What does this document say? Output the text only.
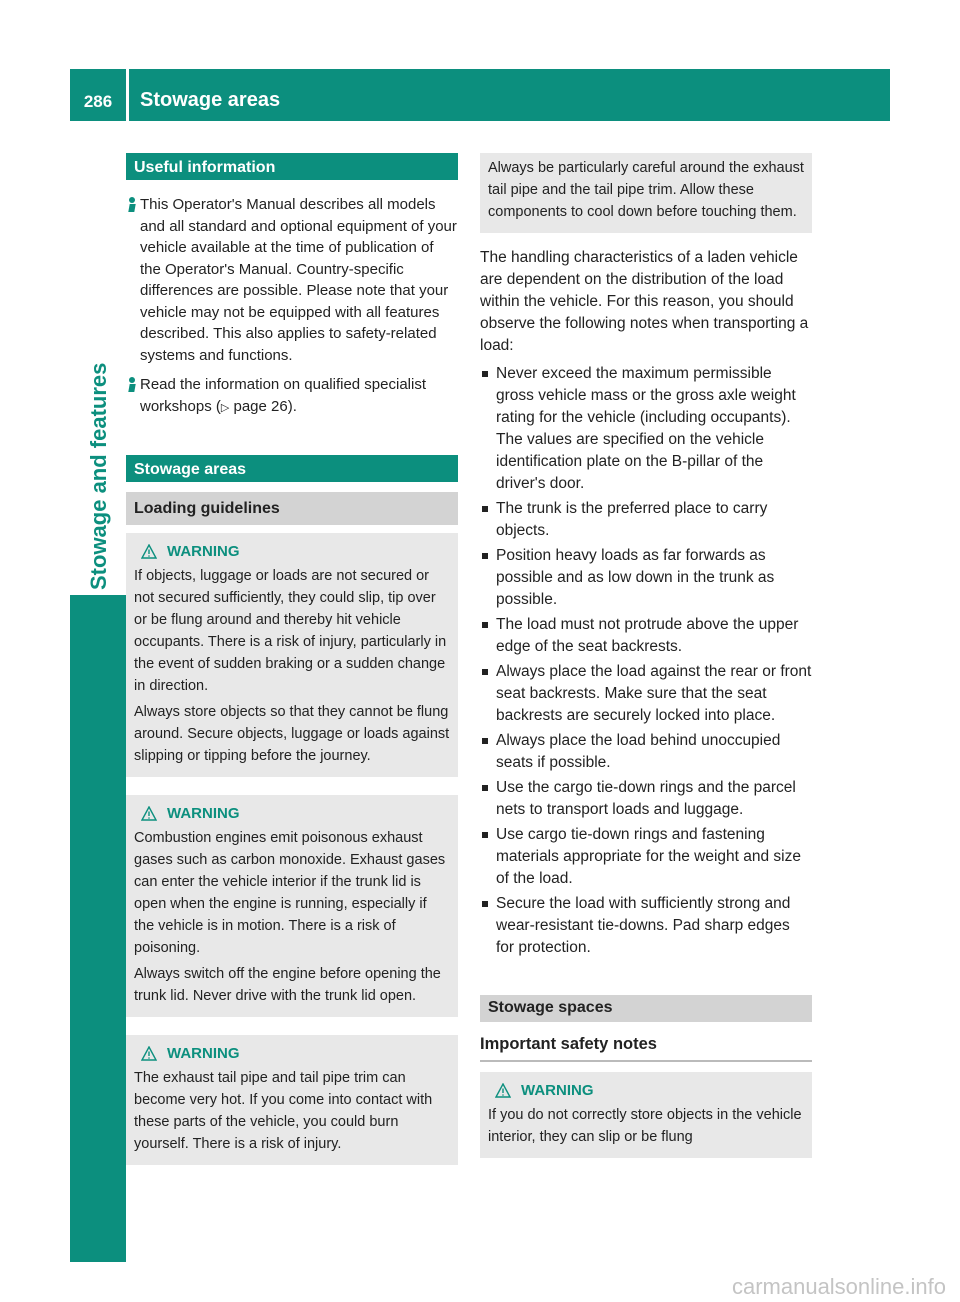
286	Stowage areas
Stowage and features
Useful information

This Operator's Manual describes all models and all standard and optional equipment of your vehicle available at the time of publication of the Operator's Manual. Country-specific differences are possible. Please note that your vehicle may not be equipped with all features described. This also applies to safety-related systems and functions.

Read the information on qualified specialist workshops (▷ page 26).

Stowage areas
Loading guidelines
WARNING

If objects, luggage or loads are not secured or not secured sufficiently, they could slip, tip over or be flung around and thereby hit vehicle occupants. There is a risk of injury, particularly in the event of sudden braking or a sudden change in direction.

Always store objects so that they cannot be flung around. Secure objects, luggage or loads against slipping or tipping before the journey.

WARNING

Combustion engines emit poisonous exhaust gases such as carbon monoxide. Exhaust gases can enter the vehicle interior if the trunk lid is open when the engine is running, especially if the vehicle is in motion. There is a risk of poisoning.

Always switch off the engine before opening the trunk lid. Never drive with the trunk lid open.

WARNING

The exhaust tail pipe and tail pipe trim can become very hot. If you come into contact with these parts of the vehicle, you could burn yourself. There is a risk of injury.

Always be particularly careful around the exhaust tail pipe and the tail pipe trim. Allow these components to cool down before touching them.

The handling characteristics of a laden vehicle are dependent on the distribution of the load within the vehicle. For this reason, you should observe the following notes when transporting a load:

Never exceed the maximum permissible gross vehicle mass or the gross axle weight rating for the vehicle (including occupants). The values are specified on the vehicle identification plate on the B-pillar of the driver's door.
The trunk is the preferred place to carry objects.
Position heavy loads as far forwards as possible and as low down in the trunk as possible.
The load must not protrude above the upper edge of the seat backrests.
Always place the load against the rear or front seat backrests. Make sure that the seat backrests are securely locked into place.
Always place the load behind unoccupied seats if possible.
Use the cargo tie-down rings and the parcel nets to transport loads and luggage.
Use cargo tie-down rings and fastening materials appropriate for the weight and size of the load.
Secure the load with sufficiently strong and wear-resistant tie-downs. Pad sharp edges for protection.
Stowage spaces
Important safety notes
WARNING

If you do not correctly store objects in the vehicle interior, they can slip or be flung

carmanualsonline.info
